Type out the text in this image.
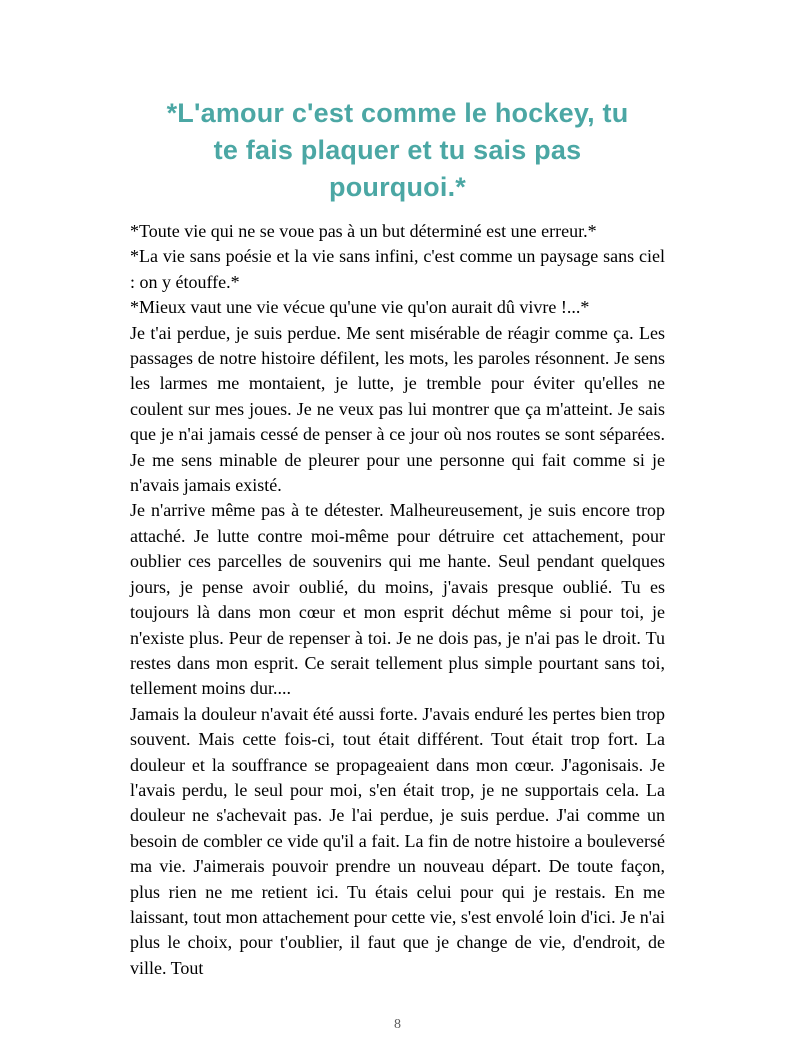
*L'amour c'est comme le hockey, tu
te fais plaquer et tu sais pas
pourquoi.*

*Toute vie qui ne se voue pas à un but déterminé est une erreur.*

*La vie sans poésie et la vie sans infini, c'est comme un paysage sans ciel : on y étouffe.*

*Mieux vaut une vie vécue qu'une vie qu'on aurait dû vivre !...*

Je t'ai perdue, je suis perdue. Me sent misérable de réagir comme ça. Les passages de notre histoire défilent, les mots, les paroles résonnent. Je sens les larmes me montaient, je lutte, je tremble pour éviter qu'elles ne coulent sur mes joues. Je ne veux pas lui montrer que ça m'atteint. Je sais que je n'ai jamais cessé de penser à ce jour où nos routes se sont séparées. Je me sens minable de pleurer pour une personne qui fait comme si je n'avais jamais existé.

Je n'arrive même pas à te détester. Malheureusement, je suis encore trop attaché. Je lutte contre moi-même pour détruire cet attachement, pour oublier ces parcelles de souvenirs qui me hante. Seul pendant quelques jours, je pense avoir oublié, du moins, j'avais presque oublié. Tu es toujours là dans mon cœur et mon esprit déchut même si pour toi, je n'existe plus. Peur de repenser à toi. Je ne dois pas, je n'ai pas le droit. Tu restes dans mon esprit. Ce serait tellement plus simple pourtant sans toi, tellement moins dur....

Jamais la douleur n'avait été aussi forte. J'avais enduré les pertes bien trop souvent. Mais cette fois-ci, tout était différent. Tout était trop fort. La douleur et la souffrance se propageaient dans mon cœur. J'agonisais. Je l'avais perdu, le seul pour moi, s'en était trop, je ne supportais cela. La douleur ne s'achevait pas. Je l'ai perdue, je suis perdue. J'ai comme un besoin de combler ce vide qu'il a fait. La fin de notre histoire a bouleversé ma vie. J'aimerais pouvoir prendre un nouveau départ. De toute façon, plus rien ne me retient ici. Tu étais celui pour qui je restais. En me laissant, tout mon attachement pour cette vie, s'est envolé loin d'ici. Je n'ai plus le choix, pour t'oublier, il faut que je change de vie, d'endroit, de ville. Tout

8
